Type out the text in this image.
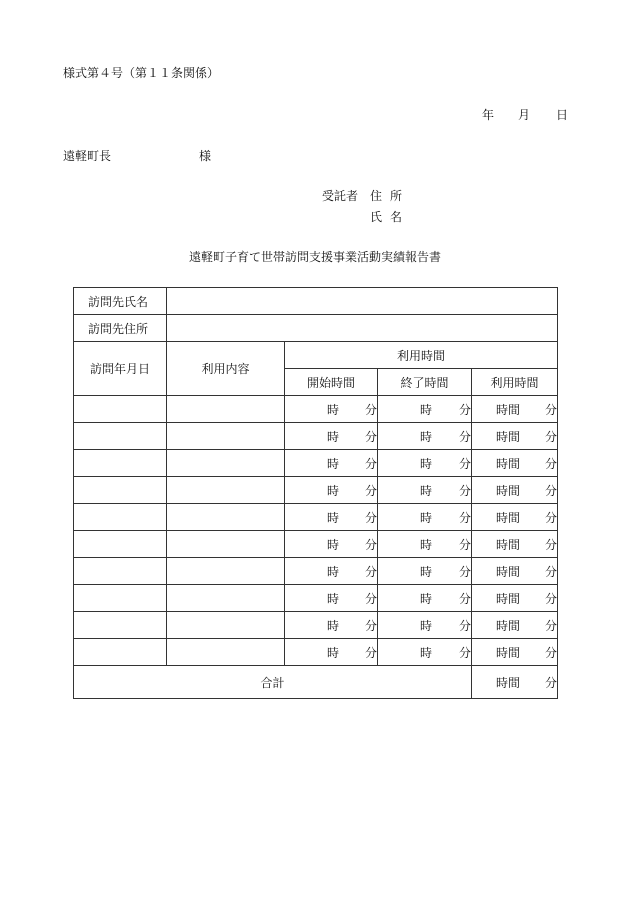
様式第４号（第１１条関係）
年 月 日
遠軽町長	様
受託者 住所
氏名
遠軽町子育て世帯訪問支援事業活動実績報告書
訪問先氏名				
訪問先住所				
訪問年月日	利用内容	利用時間		
		開始時間	終了時間	利用時間

		時 分	時 分	時間 分

		時 分	時 分	時間 分

		時 分	時 分	時間 分

		時 分	時 分	時間 分

		時 分	時 分	時間 分

		時 分	時 分	時間 分

		時 分	時 分	時間 分

		時 分	時 分	時間 分

		時 分	時 分	時間 分

		時 分	時 分	時間 分

合計				時間 分
